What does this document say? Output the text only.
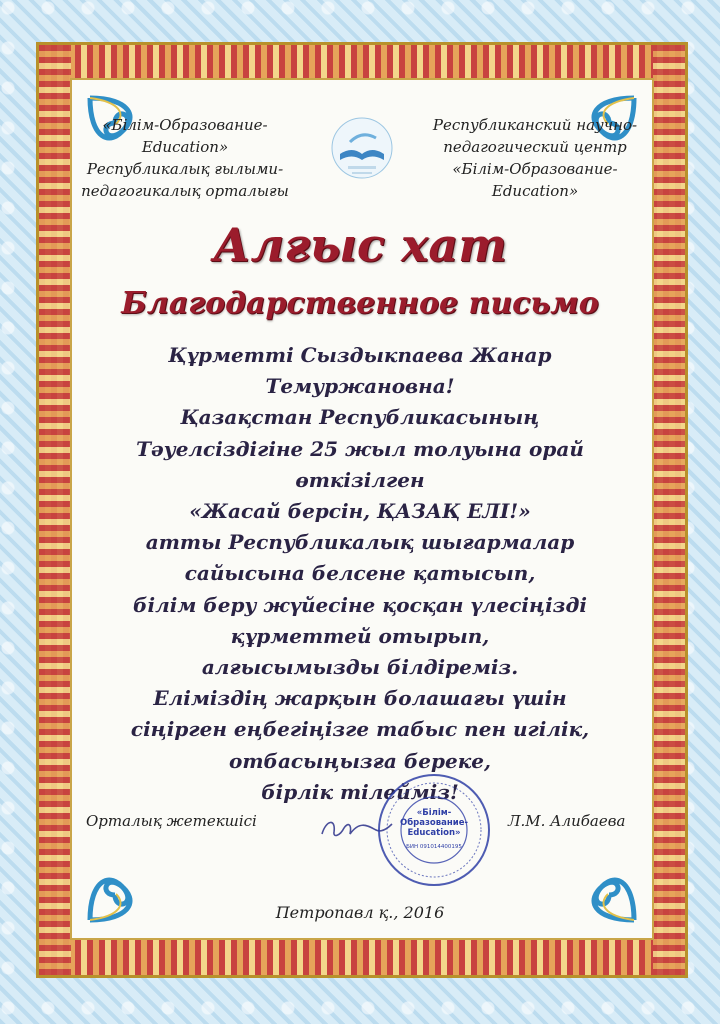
«Білім-Образование-
Education»
Республикалық ғылыми-
педагогикалық орталығы
Республиканский научно-
педагогический центр
«Білім-Образование-
Education»
Алғыс хат
Благодарственное письмо
Құрметті Сыздыкпаева Жанар
Темуржановна!
Қазақстан Республикасының
Тәуелсіздігіне 25 жыл толуына орай
өткізілген
«Жасай берсін, ҚАЗАҚ ЕЛІ!»
атты Республикалық шығармалар
сайысына белсене қатысып,
білім беру жүйесіне қосқан үлесіңізді
құрметтей отырып,
алғысымызды білдіреміз.
Еліміздің жарқын болашағы үшін
сіңірген еңбегіңізге табыс пен игілік,
отбасыңызға береке,
бірлік тілейміз!
Орталық жетекшісі	«Білім-
Образование-
Education»
БИН 091014400195
Л.М. Алибаева
Петропавл қ., 2016
